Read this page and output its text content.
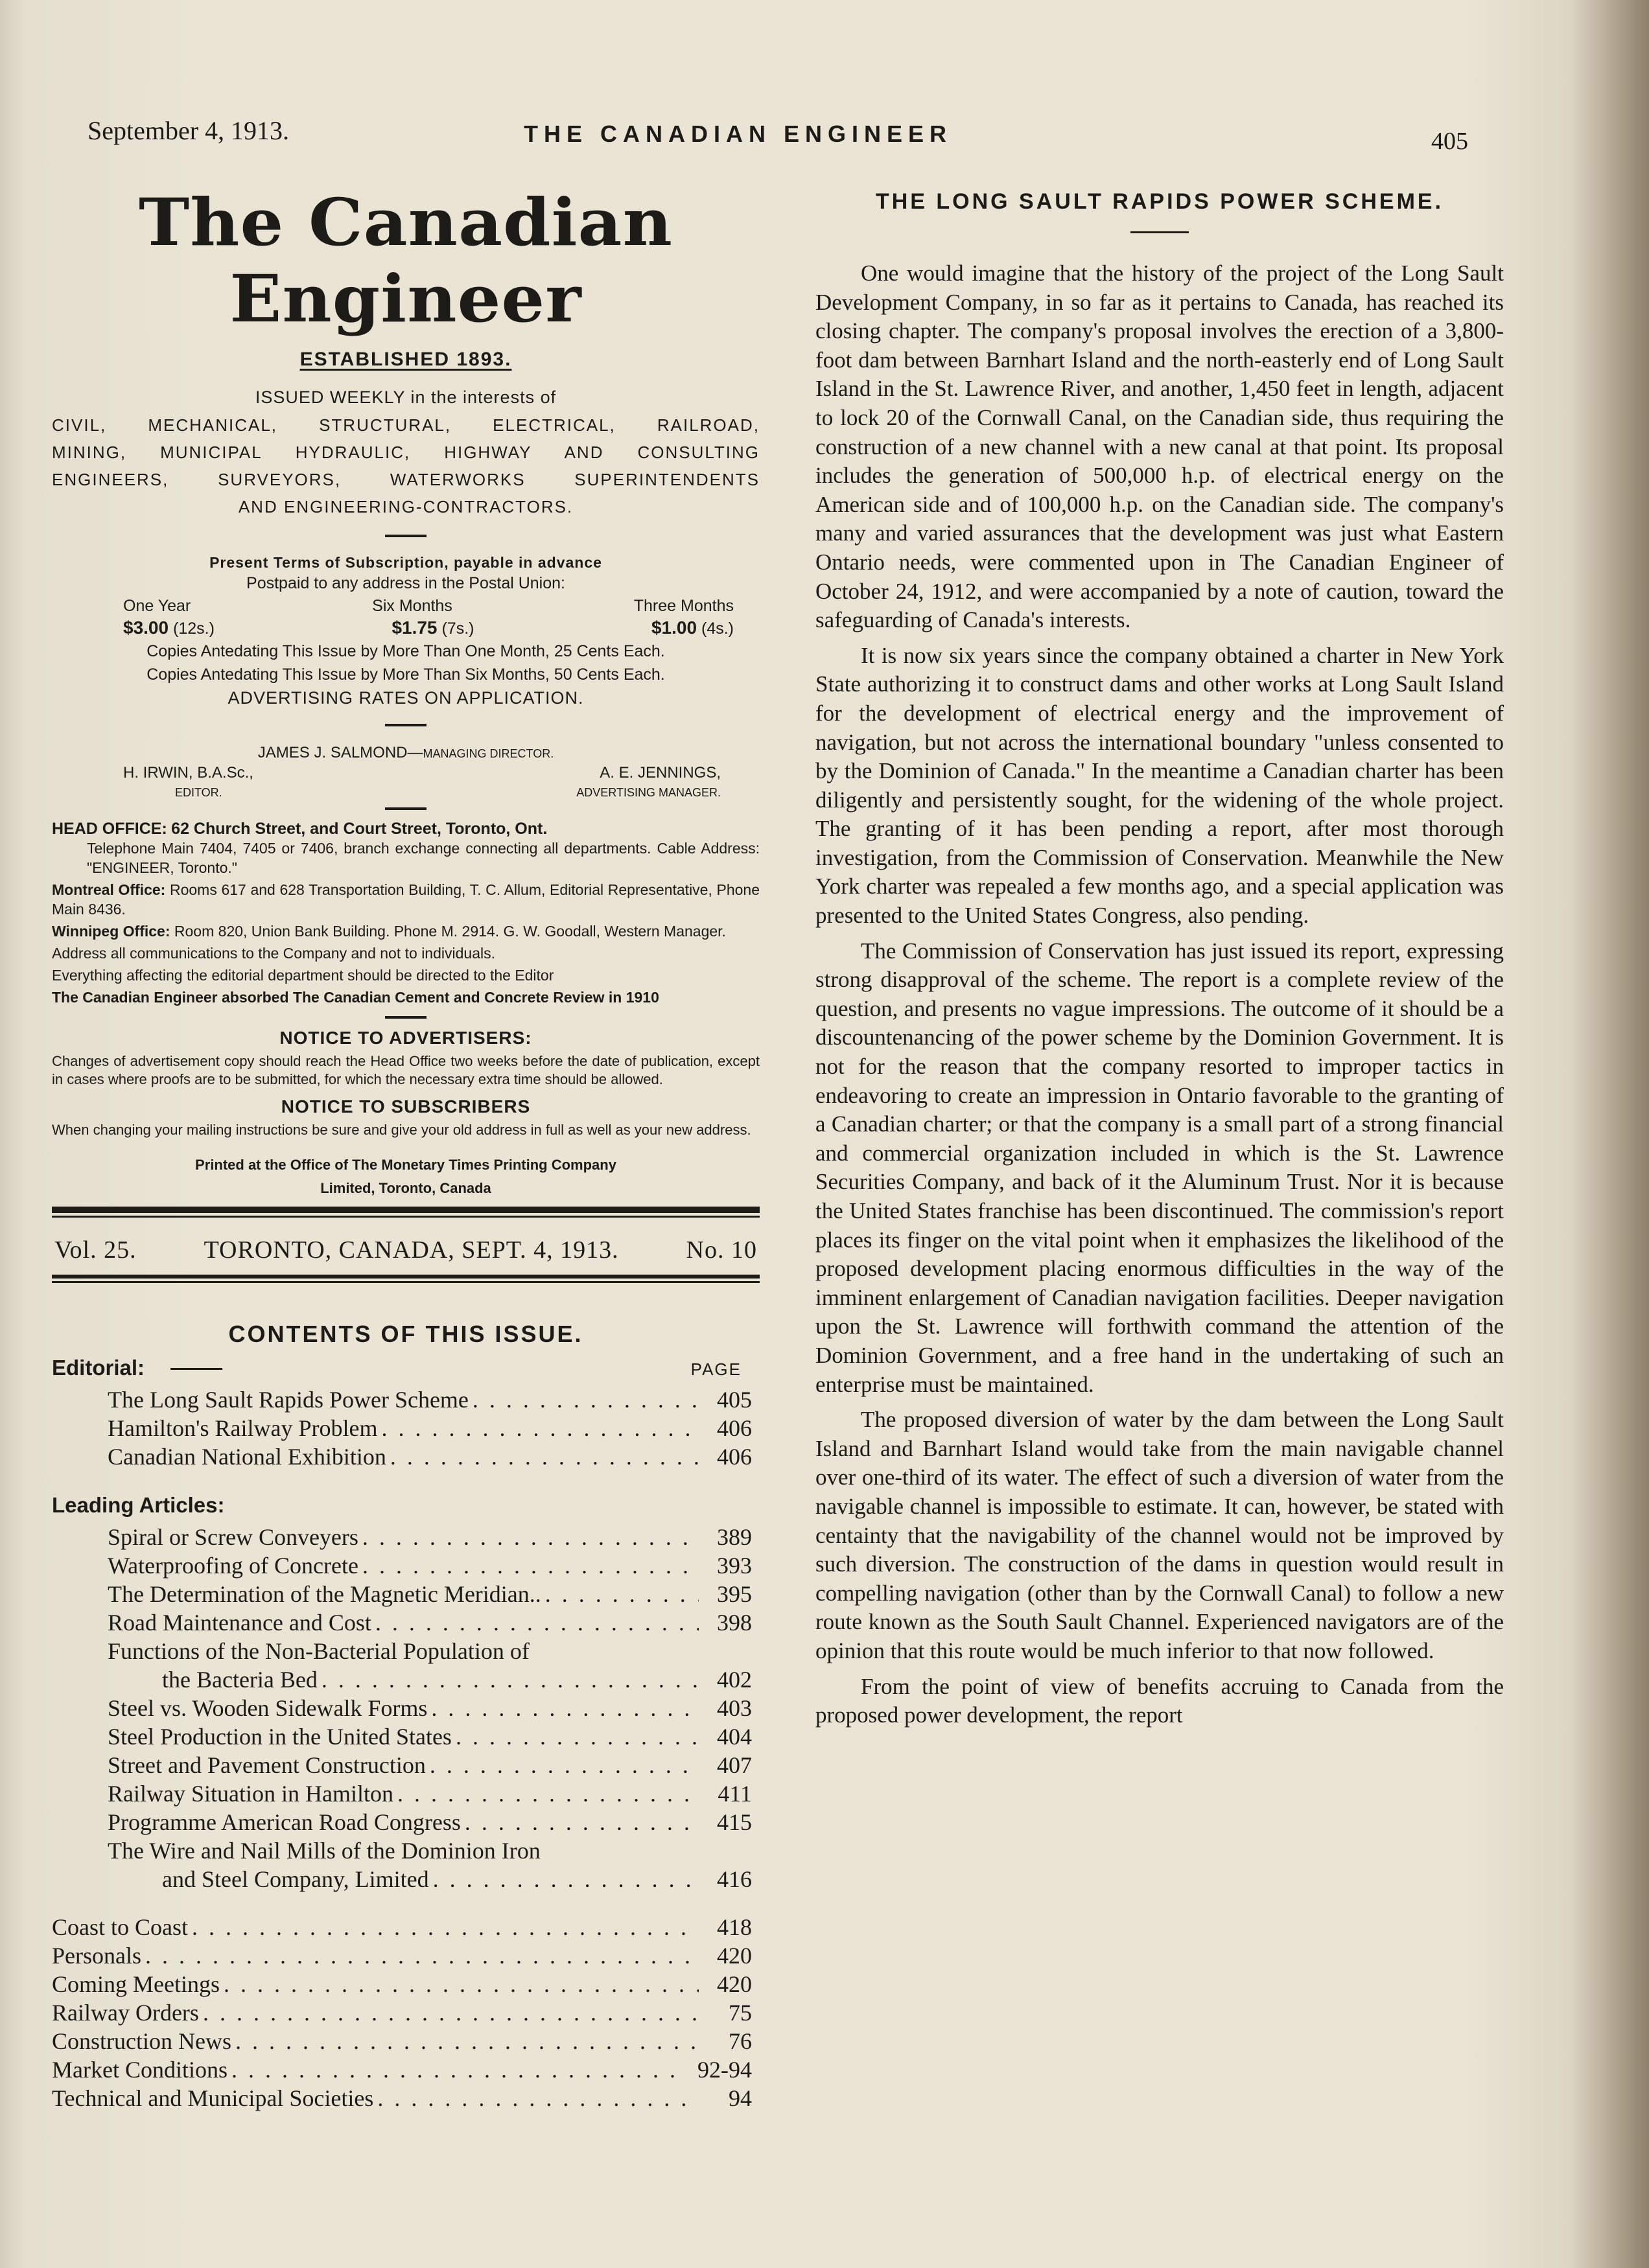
September 4, 1913.	THE CANADIAN ENGINEER	405
The Canadian Engineer
ESTABLISHED 1893.
ISSUED WEEKLY in the interests of
CIVIL, MECHANICAL, STRUCTURAL, ELECTRICAL, RAILROAD,
MINING, MUNICIPAL HYDRAULIC, HIGHWAY AND CONSULTING
ENGINEERS, SURVEYORS, WATERWORKS SUPERINTENDENTS
AND ENGINEERING-CONTRACTORS.
Present Terms of Subscription, payable in advance
Postpaid to any address in the Postal Union:
One Year	Six Months	Three Months
$3.00 (12s.)	$1.75 (7s.)	$1.00 (4s.)
Copies Antedating This Issue by More Than One Month, 25 Cents Each.
Copies Antedating This Issue by More Than Six Months, 50 Cents Each.
ADVERTISING RATES ON APPLICATION.
JAMES J. SALMOND—MANAGING DIRECTOR.
H. IRWIN, B.A.Sc.,	A. E. JENNINGS,
EDITOR.	ADVERTISING MANAGER.

HEAD OFFICE: 62 Church Street, and Court Street, Toronto, Ont.
Telephone Main 7404, 7405 or 7406, branch exchange connecting all departments. Cable Address: "ENGINEER, Toronto."

Montreal Office: Rooms 617 and 628 Transportation Building, T. C. Allum, Editorial Representative, Phone Main 8436.

Winnipeg Office: Room 820, Union Bank Building. Phone M. 2914. G. W. Goodall, Western Manager.

Address all communications to the Company and not to individuals.

Everything affecting the editorial department should be directed to the Editor

The Canadian Engineer absorbed The Canadian Cement and Concrete Review in 1910

NOTICE TO ADVERTISERS:
Changes of advertisement copy should reach the Head Office two weeks before the date of publication, except in cases where proofs are to be submitted, for which the necessary extra time should be allowed.
NOTICE TO SUBSCRIBERS
When changing your mailing instructions be sure and give your old address in full as well as your new address.
Printed at the Office of The Monetary Times Printing Company
Limited, Toronto, Canada
Vol. 25.	TORONTO, CANADA, SEPT. 4, 1913.	No. 10
CONTENTS OF THIS ISSUE.
Editorial:	PAGE
The Long Sault Rapids Power Scheme . . .	405
Hamilton's Railway Problem . . .	406
Canadian National Exhibition . . .	406
Leading Articles:
Spiral or Screw Conveyers . . .	389
Waterproofing of Concrete . . .	393
The Determination of the Magnetic Meridian.. . . .	395
Road Maintenance and Cost . . .	398
Functions of the Non-Bacterial Population of
the Bacteria Bed . . .	402
Steel vs. Wooden Sidewalk Forms . . .	403
Steel Production in the United States . . .	404
Street and Pavement Construction . . .	407
Railway Situation in Hamilton . . .	411
Programme American Road Congress . . .	415
The Wire and Nail Mills of the Dominion Iron
and Steel Company, Limited . . .	416
Coast to Coast . . .	418
Personals . . .	420
Coming Meetings . . .	420
Railway Orders . . .	75
Construction News . . .	76
Market Conditions . . .	92-94
Technical and Municipal Societies . . .	94
THE LONG SAULT RAPIDS POWER SCHEME.

One would imagine that the history of the project of the Long Sault Development Company, in so far as it pertains to Canada, has reached its closing chapter. The company's proposal involves the erection of a 3,800-foot dam between Barnhart Island and the north-easterly end of Long Sault Island in the St. Lawrence River, and another, 1,450 feet in length, adjacent to lock 20 of the Cornwall Canal, on the Canadian side, thus requiring the construction of a new channel with a new canal at that point. Its proposal includes the generation of 500,000 h.p. of electrical energy on the American side and of 100,000 h.p. on the Canadian side. The company's many and varied assurances that the development was just what Eastern Ontario needs, were commented upon in The Canadian Engineer of October 24, 1912, and were accompanied by a note of caution, toward the safeguarding of Canada's interests.

It is now six years since the company obtained a charter in New York State authorizing it to construct dams and other works at Long Sault Island for the development of electrical energy and the improvement of navigation, but not across the international boundary "unless consented to by the Dominion of Canada." In the meantime a Canadian charter has been diligently and persistently sought, for the widening of the whole project. The granting of it has been pending a report, after most thorough investigation, from the Commission of Conservation. Meanwhile the New York charter was repealed a few months ago, and a special application was presented to the United States Congress, also pending.

The Commission of Conservation has just issued its report, expressing strong disapproval of the scheme. The report is a complete review of the question, and presents no vague impressions. The outcome of it should be a discountenancing of the power scheme by the Dominion Government. It is not for the reason that the company resorted to improper tactics in endeavoring to create an impression in Ontario favorable to the granting of a Canadian charter; or that the company is a small part of a strong financial and commercial organization included in which is the St. Lawrence Securities Company, and back of it the Aluminum Trust. Nor it is because the United States franchise has been discontinued. The commission's report places its finger on the vital point when it emphasizes the likelihood of the proposed development placing enormous difficulties in the way of the imminent enlargement of Canadian navigation facilities. Deeper navigation upon the St. Lawrence will forthwith command the attention of the Dominion Government, and a free hand in the undertaking of such an enterprise must be maintained.

The proposed diversion of water by the dam between the Long Sault Island and Barnhart Island would take from the main navigable channel over one-third of its water. The effect of such a diversion of water from the navigable channel is impossible to estimate. It can, however, be stated with centainty that the navigability of the channel would not be improved by such diversion. The construction of the dams in question would result in compelling navigation (other than by the Cornwall Canal) to follow a new route known as the South Sault Channel. Experienced navigators are of the opinion that this route would be much inferior to that now followed.

From the point of view of benefits accruing to Canada from the proposed power development, the report
